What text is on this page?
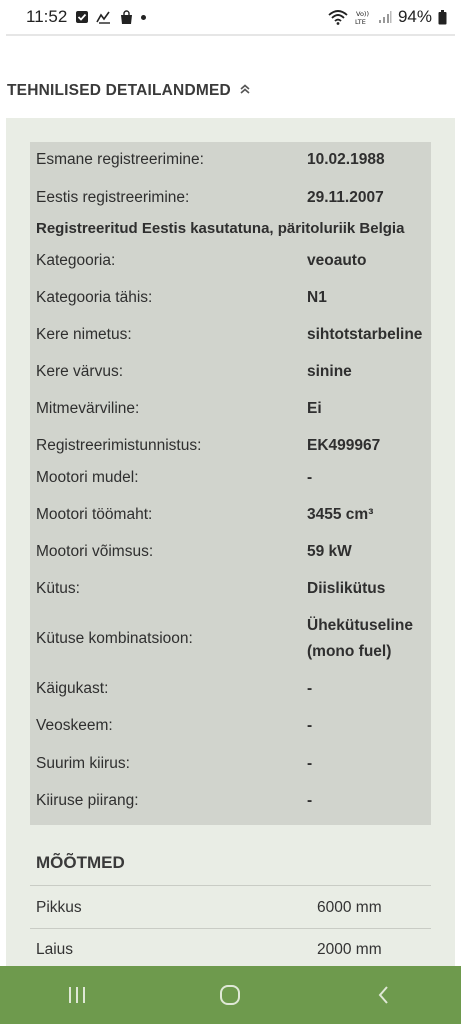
11:52	Vo))
LTE 94%
TEHNILISED DETAILANDMED
Esmane registreerimine:	10.02.1988
Eestis registreerimine:	29.11.2007
Registreeritud Eestis kasutatuna, päritoluriik Belgia
Kategooria:	veoauto
Kategooria tähis:	N1
Kere nimetus:	sihtotstarbeline
Kere värvus:	sinine
Mitmevärviline:	Ei
Registreerimistunnistus:	EK499967
Mootori mudel:	-
Mootori töömaht:	3455 cm³
Mootori võimsus:	59 kW
Kütus:	Diislikütus
Kütuse kombinatsioon:
Ühekütuseline
(mono fuel)
Käigukast:	-
Veoskeem:	-
Suurim kiirus:	-
Kiiruse piirang:	-
MÕÕTMED
Pikkus	6000 mm
Laius	2000 mm
